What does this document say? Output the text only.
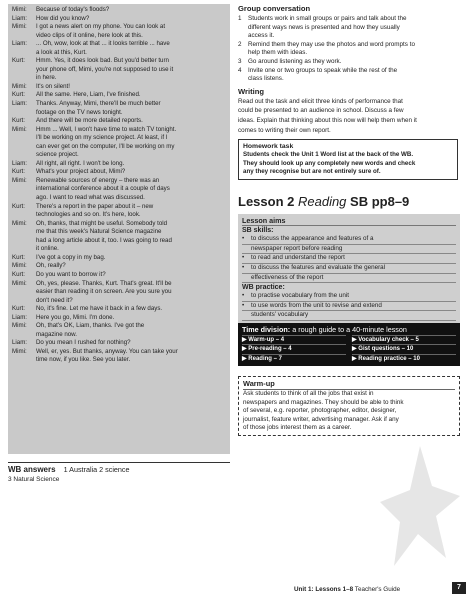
Mimi:	Because of today's floods?
Liam:	How did you know?
Mimi:	I got a news alert on my phone. You can look at
video clips of it online, here look at this.
Liam:	... Oh, wow, look at that ... it looks terrible ... have
a look at this, Kurt.
Kurt:	Hmm. Yes, it does look bad. But you'd better turn
your phone off, Mimi, you're not supposed to use it
in here.
Mimi:	It's on silent!
Kurt:	All the same. Here, Liam, I've finished.
Liam:	Thanks. Anyway, Mimi, there'll be much better
footage on the TV news tonight.
Kurt:	And there will be more detailed reports.
Mimi:	Hmm ... Well, I won't have time to watch TV tonight.
I'll be working on my science project. At least, if I
can ever get on the computer, I'll be working on my
science project.
Liam:	All right, all right. I won't be long.
Kurt:	What's your project about, Mimi?
Mimi:	Renewable sources of energy – there was an
international conference about it a couple of days
ago. I want to read what was discussed.
Kurt:	There's a report in the paper about it – new
technologies and so on. It's here, look.
Mimi:	Oh, thanks, that might be useful. Somebody told
me that this week's Natural Science magazine
had a long article about it, too. I was going to read
it online.
Kurt:	I've got a copy in my bag.
Mimi:	Oh, really?
Kurt:	Do you want to borrow it?
Mimi:	Oh, yes, please. Thanks, Kurt. That's great. It'll be
easier than reading it on screen. Are you sure you
don't need it?
Kurt:	No, it's fine. Let me have it back in a few days.
Liam:	Here you go, Mimi. I'm done.
Mimi:	Oh, that's OK, Liam, thanks. I've got the
magazine now.
Liam:	Do you mean I rushed for nothing?
Mimi:	Well, er, yes. But thanks, anyway. You can take your
time now, if you like. See you later.
WB answers 1 Australia 2 science
3 Natural Science
Group conversation
1	Students work in small groups or pairs and talk about the
different ways news is presented and how they usually
access it.
2	Remind them they may use the photos and word prompts to
help them with ideas.
3	Go around listening as they work.
4	Invite one or two groups to speak while the rest of the
class listens.
Writing
Read out the task and elicit three kinds of performance that
could be presented to an audience in school. Discuss a few
ideas. Explain that thinking about this now will help them when it
comes to writing their own report.
Homework task
Students check the Unit 1 Word list at the back of the WB.
They should look up any completely new words and check
any they recognise but are not entirely sure of.
Lesson 2 Reading SB pp8–9
Lesson aims
SB skills:
•	to discuss the appearance and features of a
newspaper report before reading
•	to read and understand the report
•	to discuss the features and evaluate the general
effectiveness of the report
WB practice:
•	to practise vocabulary from the unit
•	to use words from the unit to revise and extend
students' vocabulary
Time division: a rough guide to a 40-minute lesson
▶ Warm-up – 4	▶ Vocabulary check – 5
▶ Pre-reading – 4	▶ Gist questions – 10
▶ Reading – 7	▶ Reading practice – 10
Warm-up
Ask students to think of all the jobs that exist in
newspapers and magazines. They should be able to think
of several, e.g. reporter, photographer, editor, designer,
journalist, feature writer, advertising manager. Ask if any
of those jobs interest them as a career.
Unit 1: Lessons 1–8 Teacher's Guide	7
